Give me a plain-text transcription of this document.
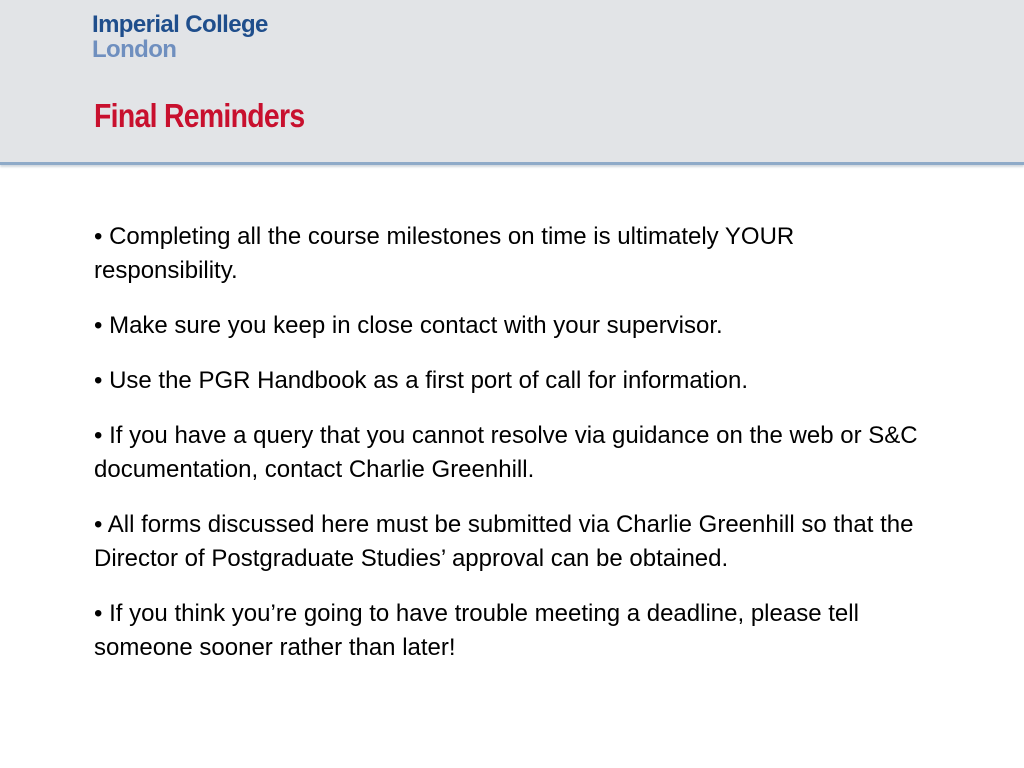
Imperial College
London
Final Reminders

• Completing all the course milestones on time is ultimately YOUR responsibility.

• Make sure you keep in close contact with your supervisor.

• Use the PGR Handbook as a first port of call for information.

• If you have a query that you cannot resolve via guidance on the web or S&C documentation, contact Charlie Greenhill.

• All forms discussed here must be submitted via Charlie Greenhill so that the Director of Postgraduate Studies’ approval can be obtained.

• If you think you’re going to have trouble meeting a deadline, please tell someone sooner rather than later!
